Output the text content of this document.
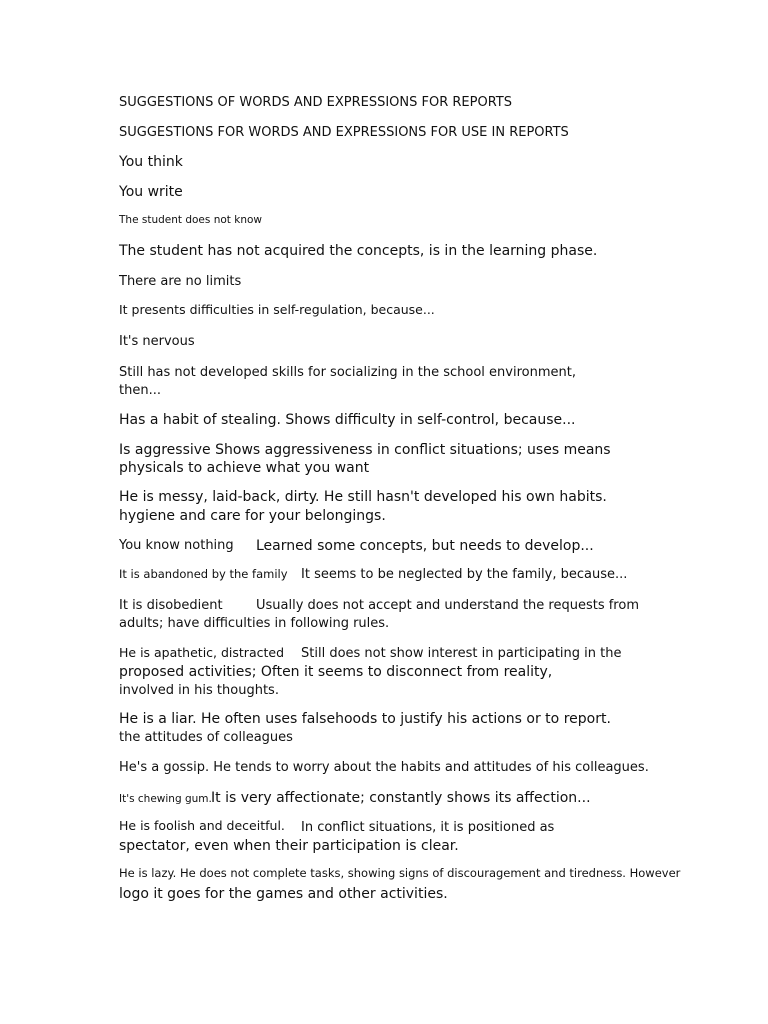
SUGGESTIONS OF WORDS AND EXPRESSIONS FOR REPORTS

SUGGESTIONS FOR WORDS AND EXPRESSIONS FOR USE IN REPORTS

You think

You write

The student does not know

The student has not acquired the concepts, is in the learning phase.

There are no limits

It presents difficulties in self-regulation, because...

It's nervous

Still has not developed skills for socializing in the school environment,

then...

Has a habit of stealing. Shows difficulty in self-control, because...

Is aggressive Shows aggressiveness in conflict situations; uses means

physicals to achieve what you want

He is messy, laid-back, dirty. He still hasn't developed his own habits.

hygiene and care for your belongings.

You know nothing Learned some concepts, but needs to develop...

It is abandoned by the family It seems to be neglected by the family, because...

It is disobedient	Usually does not accept and understand the requests from

adults; have difficulties in following rules.

He is apathetic, distracted Still does not show interest in participating in the

proposed activities; Often it seems to disconnect from reality,

involved in his thoughts.

He is a liar. He often uses falsehoods to justify his actions or to report.

the attitudes of colleagues

He's a gossip. He tends to worry about the habits and attitudes of his colleagues.

It's chewing gum. It is very affectionate; constantly shows its affection...

He is foolish and deceitful. In conflict situations, it is positioned as

spectator, even when their participation is clear.

He is lazy. He does not complete tasks, showing signs of discouragement and tiredness. However

logo it goes for the games and other activities.
